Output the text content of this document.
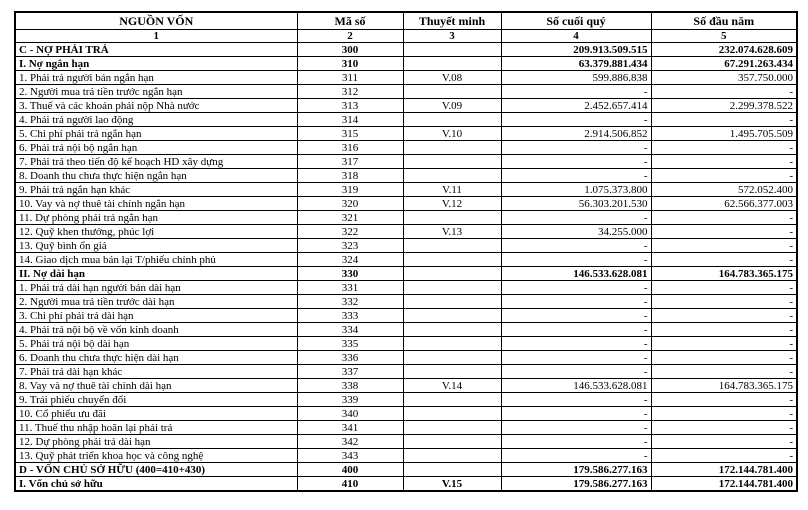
NGUỒN VỐN	Mã số	Thuyết minh	Số cuối quý	Số đầu năm
1	2	3	4	5
C - NỢ PHẢI TRẢ	300		209.913.509.515	232.074.628.609
I. Nợ ngắn hạn	310		63.379.881.434	67.291.263.434
1. Phải trả người bán ngắn hạn	311	V.08	599.886.838	357.750.000
2. Người mua trả tiền trước ngắn hạn	312		-	-
3. Thuế và các khoản phải nộp Nhà nước	313	V.09	2.452.657.414	2.299.378.522
4. Phải trả người lao động	314		-	-
5. Chi phí phải trả ngắn hạn	315	V.10	2.914.506.852	1.495.705.509
6. Phải trả nội bộ ngắn hạn	316		-	-
7. Phải trả theo tiến độ kế hoạch HD xây dựng	317		-	-
8. Doanh thu chưa thực hiện ngắn hạn	318		-	-
9. Phải trả ngắn hạn khác	319	V.11	1.075.373.800	572.052.400
10. Vay và nợ thuê tài chính ngắn hạn	320	V.12	56.303.201.530	62.566.377.003
11. Dự phòng phải trả ngắn hạn	321		-	-
12. Quỹ khen thưởng, phúc lợi	322	V.13	34.255.000	-
13. Quỹ bình ổn giá	323		-	-
14. Giao dịch mua bán lại T/phiếu chính phủ	324		-	-
II. Nợ dài hạn	330		146.533.628.081	164.783.365.175
1. Phải trả dài hạn người bán dài hạn	331		-	-
2. Người mua trả tiền trước dài hạn	332		-	-
3. Chi phí phải trả dài hạn	333		-	-
4. Phải trả nội bộ về vốn kinh doanh	334		-	-
5. Phải trả nội bộ dài hạn	335		-	-
6. Doanh thu chưa thực hiện dài hạn	336		-	-
7. Phải trả dài hạn khác	337		-	-
8. Vay và nợ thuê tài chính dài hạn	338	V.14	146.533.628.081	164.783.365.175
9. Trái phiếu chuyển đổi	339		-	-
10. Cổ phiếu ưu đãi	340		-	-
11. Thuế thu nhập hoãn lại phải trả	341		-	-
12. Dự phòng phải trả dài hạn	342		-	-
13. Quỹ phát triển khoa học và công nghệ	343		-	-
D - VỐN CHỦ SỞ HỮU (400=410+430)	400		179.586.277.163	172.144.781.400
I. Vốn chủ sở hữu	410	V.15	179.586.277.163	172.144.781.400
